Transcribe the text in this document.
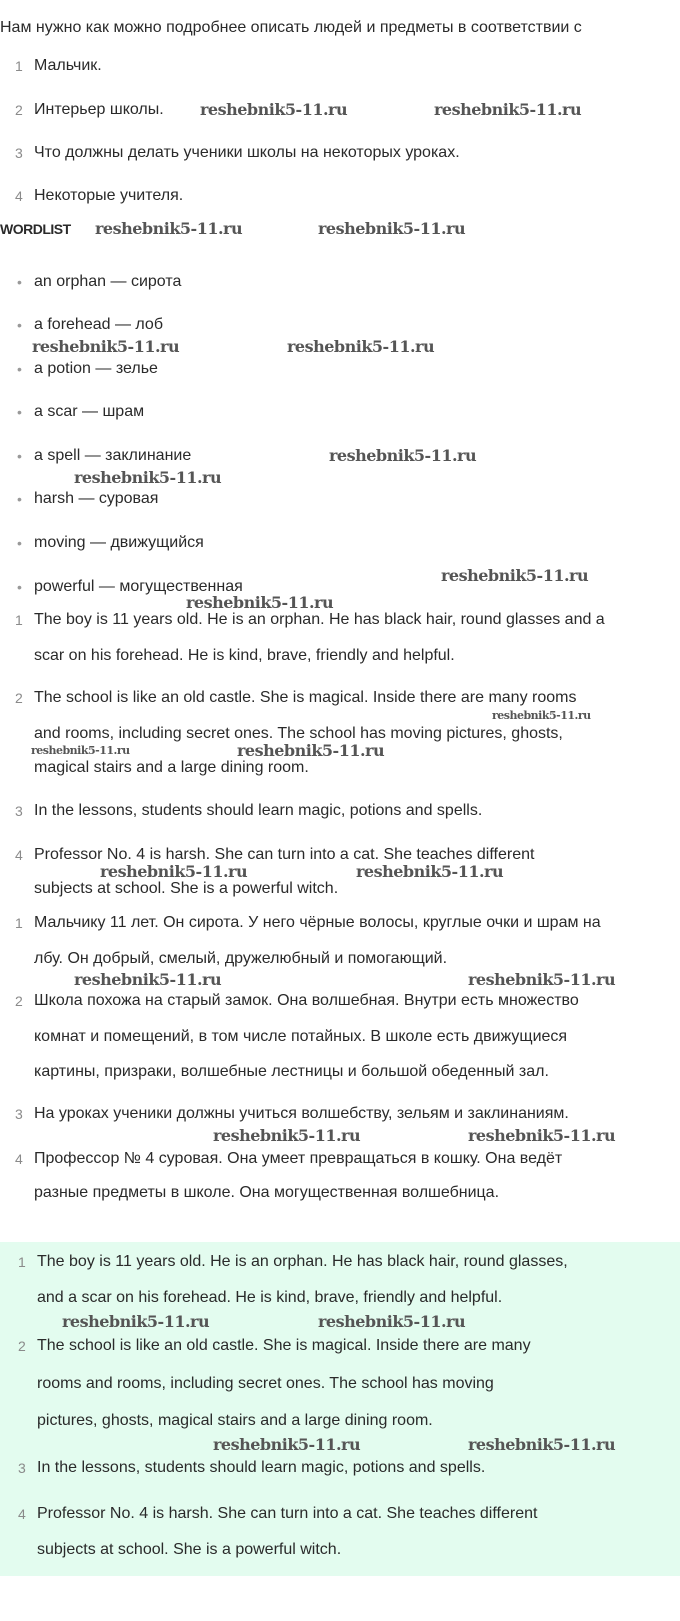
Нам нужно как можно подробнее описать людей и предметы в соответствии с
WORDLIST
1 Мальчик.
2 Интерьер школы.
3 Что должны делать ученики школы на некоторых уроках.
4 Некоторые учителя.
• an orphan — сирота
• a forehead — лоб
• a potion — зелье
• a scar — шрам
• a spell — заклинание
• harsh — суровая
• moving — движущийся
• powerful — могущественная
1 The boy is 11 years old. He is an orphan. He has black hair, round glasses and a
scar on his forehead. He is kind, brave, friendly and helpful.
2 The school is like an old castle. She is magical. Inside there are many rooms
and rooms, including secret ones. The school has moving pictures, ghosts,
magical stairs and a large dining room.
3 In the lessons, students should learn magic, potions and spells.
4 Professor No. 4 is harsh. She can turn into a cat. She teaches different
subjects at school. She is a powerful witch.
1 Мальчику 11 лет. Он сирота. У него чёрные волосы, круглые очки и шрам на
лбу. Он добрый, смелый, дружелюбный и помогающий.
2 Школа похожа на старый замок. Она волшебная. Внутри есть множество
комнат и помещений, в том числе потайных. В школе есть движущиеся
картины, призраки, волшебные лестницы и большой обеденный зал.
3 На уроках ученики должны учиться волшебству, зельям и заклинаниям.
4 Профессор № 4 суровая. Она умеет превращаться в кошку. Она ведёт
разные предметы в школе. Она могущественная волшебница.
1 The boy is 11 years old. He is an orphan. He has black hair, round glasses,
and a scar on his forehead. He is kind, brave, friendly and helpful.
2 The school is like an old castle. She is magical. Inside there are many
rooms and rooms, including secret ones. The school has moving
pictures, ghosts, magical stairs and a large dining room.
3 In the lessons, students should learn magic, potions and spells.
4 Professor No. 4 is harsh. She can turn into a cat. She teaches different
subjects at school. She is a powerful witch.
reshebnik5-11.ru	reshebnik5-11.ru
reshebnik5-11.ru	reshebnik5-11.ru
reshebnik5-11.ru	reshebnik5-11.ru
reshebnik5-11.ru
reshebnik5-11.ru
reshebnik5-11.ru
reshebnik5-11.ru
reshebnik5-11.ru
reshebnik5-11.ru	reshebnik5-11.ru
reshebnik5-11.ru	reshebnik5-11.ru
reshebnik5-11.ru	reshebnik5-11.ru
reshebnik5-11.ru	reshebnik5-11.ru
reshebnik5-11.ru	reshebnik5-11.ru
reshebnik5-11.ru
reshebnik5-11.ru
